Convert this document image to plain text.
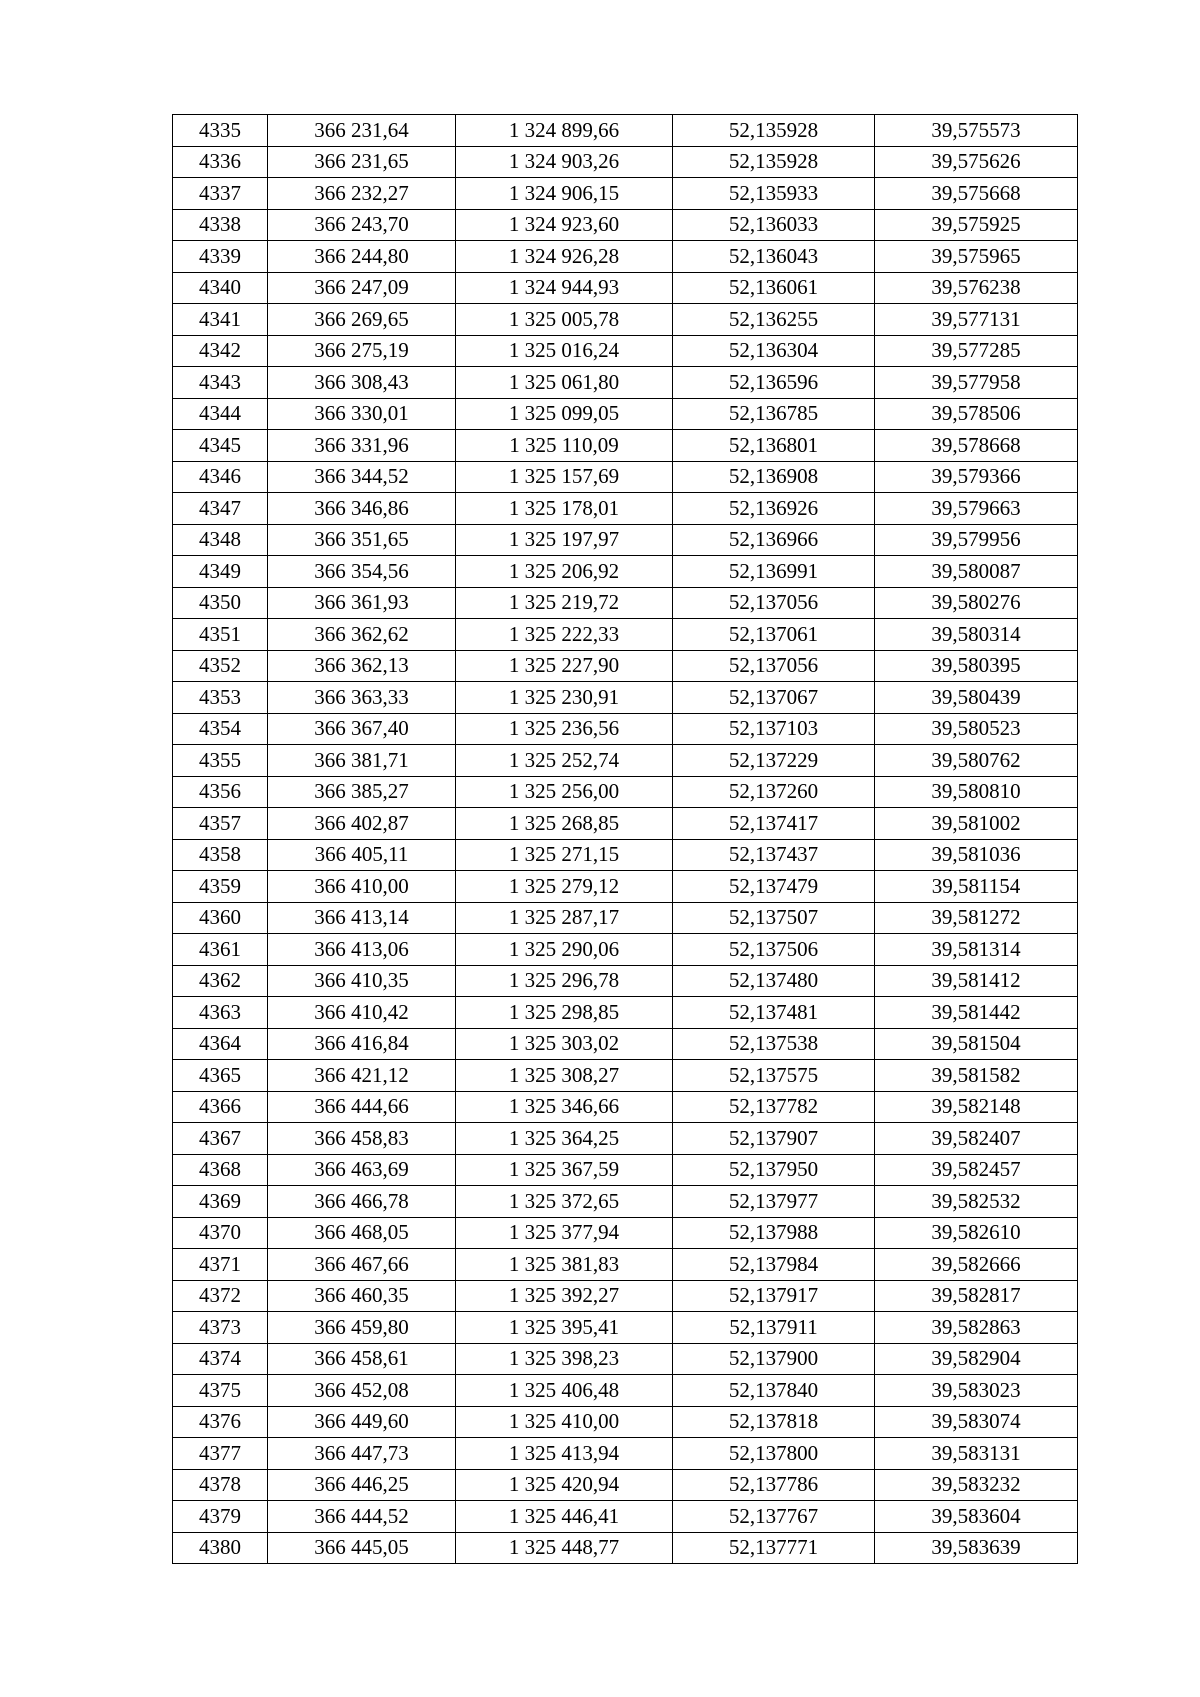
4335	366 231,64	1 324 899,66	52,135928	39,575573
4336	366 231,65	1 324 903,26	52,135928	39,575626
4337	366 232,27	1 324 906,15	52,135933	39,575668
4338	366 243,70	1 324 923,60	52,136033	39,575925
4339	366 244,80	1 324 926,28	52,136043	39,575965
4340	366 247,09	1 324 944,93	52,136061	39,576238
4341	366 269,65	1 325 005,78	52,136255	39,577131
4342	366 275,19	1 325 016,24	52,136304	39,577285
4343	366 308,43	1 325 061,80	52,136596	39,577958
4344	366 330,01	1 325 099,05	52,136785	39,578506
4345	366 331,96	1 325 110,09	52,136801	39,578668
4346	366 344,52	1 325 157,69	52,136908	39,579366
4347	366 346,86	1 325 178,01	52,136926	39,579663
4348	366 351,65	1 325 197,97	52,136966	39,579956
4349	366 354,56	1 325 206,92	52,136991	39,580087
4350	366 361,93	1 325 219,72	52,137056	39,580276
4351	366 362,62	1 325 222,33	52,137061	39,580314
4352	366 362,13	1 325 227,90	52,137056	39,580395
4353	366 363,33	1 325 230,91	52,137067	39,580439
4354	366 367,40	1 325 236,56	52,137103	39,580523
4355	366 381,71	1 325 252,74	52,137229	39,580762
4356	366 385,27	1 325 256,00	52,137260	39,580810
4357	366 402,87	1 325 268,85	52,137417	39,581002
4358	366 405,11	1 325 271,15	52,137437	39,581036
4359	366 410,00	1 325 279,12	52,137479	39,581154
4360	366 413,14	1 325 287,17	52,137507	39,581272
4361	366 413,06	1 325 290,06	52,137506	39,581314
4362	366 410,35	1 325 296,78	52,137480	39,581412
4363	366 410,42	1 325 298,85	52,137481	39,581442
4364	366 416,84	1 325 303,02	52,137538	39,581504
4365	366 421,12	1 325 308,27	52,137575	39,581582
4366	366 444,66	1 325 346,66	52,137782	39,582148
4367	366 458,83	1 325 364,25	52,137907	39,582407
4368	366 463,69	1 325 367,59	52,137950	39,582457
4369	366 466,78	1 325 372,65	52,137977	39,582532
4370	366 468,05	1 325 377,94	52,137988	39,582610
4371	366 467,66	1 325 381,83	52,137984	39,582666
4372	366 460,35	1 325 392,27	52,137917	39,582817
4373	366 459,80	1 325 395,41	52,137911	39,582863
4374	366 458,61	1 325 398,23	52,137900	39,582904
4375	366 452,08	1 325 406,48	52,137840	39,583023
4376	366 449,60	1 325 410,00	52,137818	39,583074
4377	366 447,73	1 325 413,94	52,137800	39,583131
4378	366 446,25	1 325 420,94	52,137786	39,583232
4379	366 444,52	1 325 446,41	52,137767	39,583604
4380	366 445,05	1 325 448,77	52,137771	39,583639
